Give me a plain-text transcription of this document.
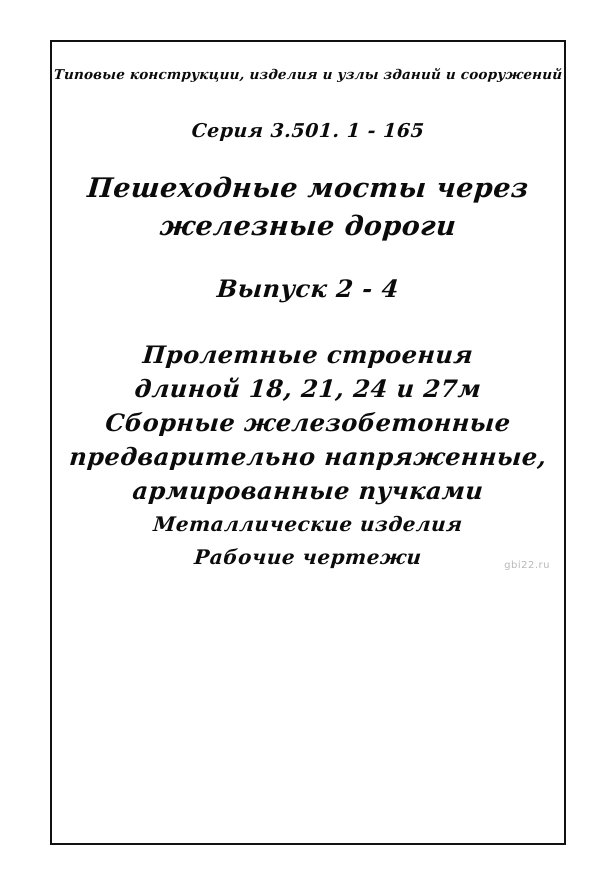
Типовые конструкции, изделия и узлы зданий и сооружений
Серия 3.501. 1 - 165
Пешеходные мосты через
железные дороги
Выпуск 2 - 4
Пролетные строения
длиной 18, 21, 24 и 27м
Сборные железобетонные
предварительно напряженные,
армированные пучками
Металлические изделия
Рабочие чертежи	gbi22.ru
